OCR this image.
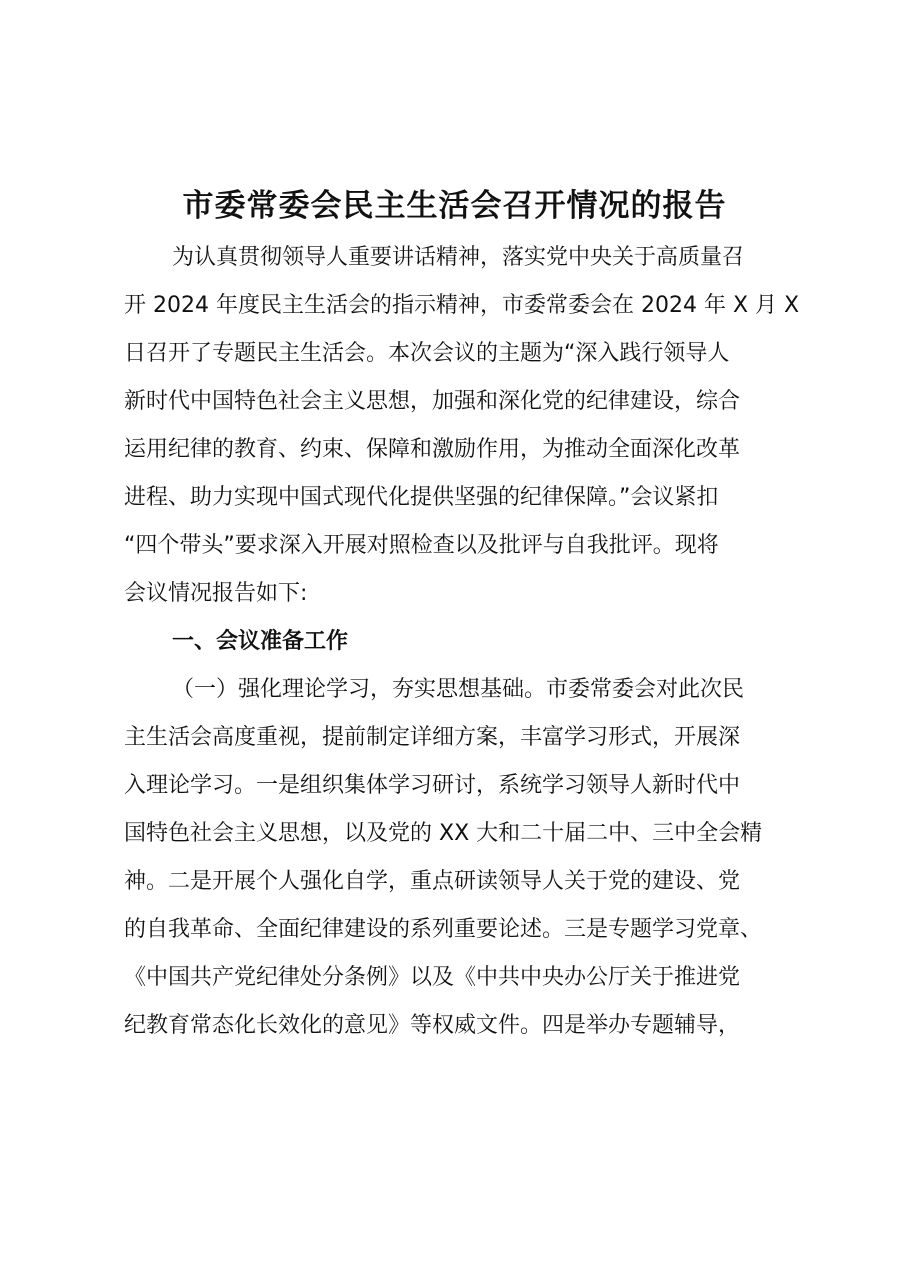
市委常委会民主生活会召开情况的报告
为认真贯彻领导人重要讲话精神，落实党中央关于高质量召
开 2024 年度民主生活会的指示精神，市委常委会在 2024 年 X 月 X
日召开了专题民主生活会。本次会议的主题为“深入践行领导人
新时代中国特色社会主义思想，加强和深化党的纪律建设，综合
运用纪律的教育、约束、保障和激励作用，为推动全面深化改革
进程、助力实现中国式现代化提供坚强的纪律保障。”会议紧扣
“四个带头”要求深入开展对照检查以及批评与自我批评。现将
会议情况报告如下:
一、会议准备工作
（一）强化理论学习，夯实思想基础。市委常委会对此次民
主生活会高度重视，提前制定详细方案，丰富学习形式，开展深
入理论学习。一是组织集体学习研讨，系统学习领导人新时代中
国特色社会主义思想，以及党的 XX 大和二十届二中、三中全会精
神。二是开展个人强化自学，重点研读领导人关于党的建设、党
的自我革命、全面纪律建设的系列重要论述。三是专题学习党章、
《中国共产党纪律处分条例》以及《中共中央办公厅关于推进党
纪教育常态化长效化的意见》等权威文件。四是举办专题辅导，
